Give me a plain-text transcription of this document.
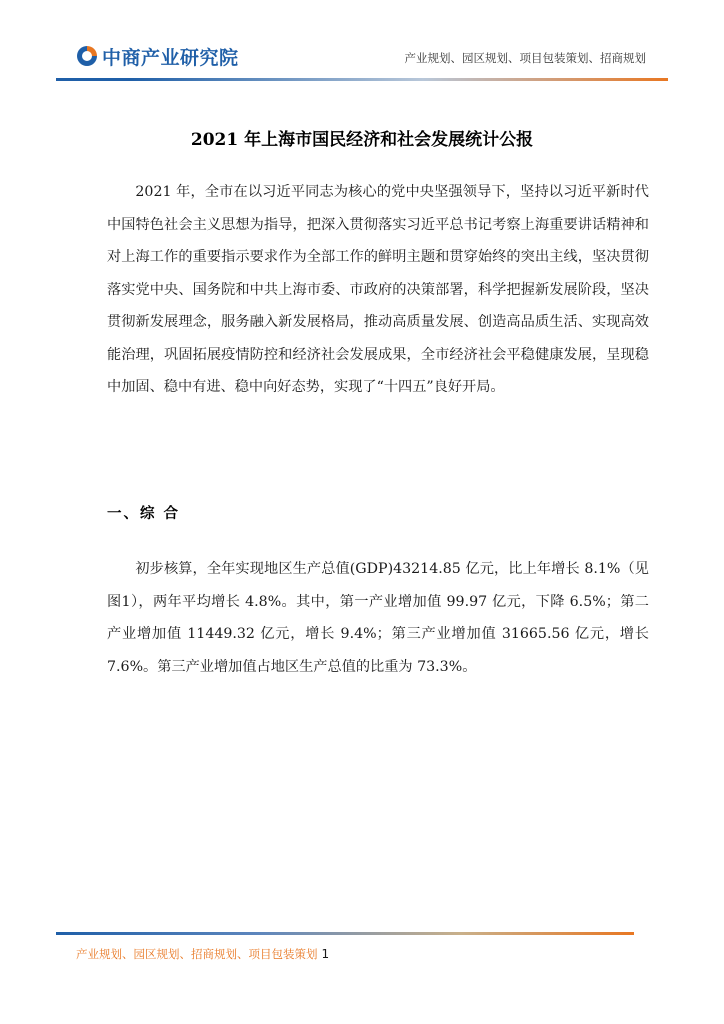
中商产业研究院	产业规划、园区规划、项目包装策划、招商规划
2021 年上海市国民经济和社会发展统计公报
2021 年，全市在以习近平同志为核心的党中央坚强领导下，坚持以习近平新时代中国特色社会主义思想为指导，把深入贯彻落实习近平总书记考察上海重要讲话精神和对上海工作的重要指示要求作为全部工作的鲜明主题和贯穿始终的突出主线，坚决贯彻落实党中央、国务院和中共上海市委、市政府的决策部署，科学把握新发展阶段，坚决贯彻新发展理念，服务融入新发展格局，推动高质量发展、创造高品质生活、实现高效能治理，巩固拓展疫情防控和经济社会发展成果，全市经济社会平稳健康发展，呈现稳中加固、稳中有进、稳中向好态势，实现了“十四五”良好开局。
一、综 合
初步核算，全年实现地区生产总值(GDP)43214.85 亿元，比上年增长 8.1%（见图1），两年平均增长 4.8%。其中，第一产业增加值 99.97 亿元，下降 6.5%；第二产业增加值 11449.32 亿元，增长 9.4%；第三产业增加值 31665.56 亿元，增长 7.6%。第三产业增加值占地区生产总值的比重为 73.3%。
产业规划、园区规划、招商规划、项目包装策划 1
